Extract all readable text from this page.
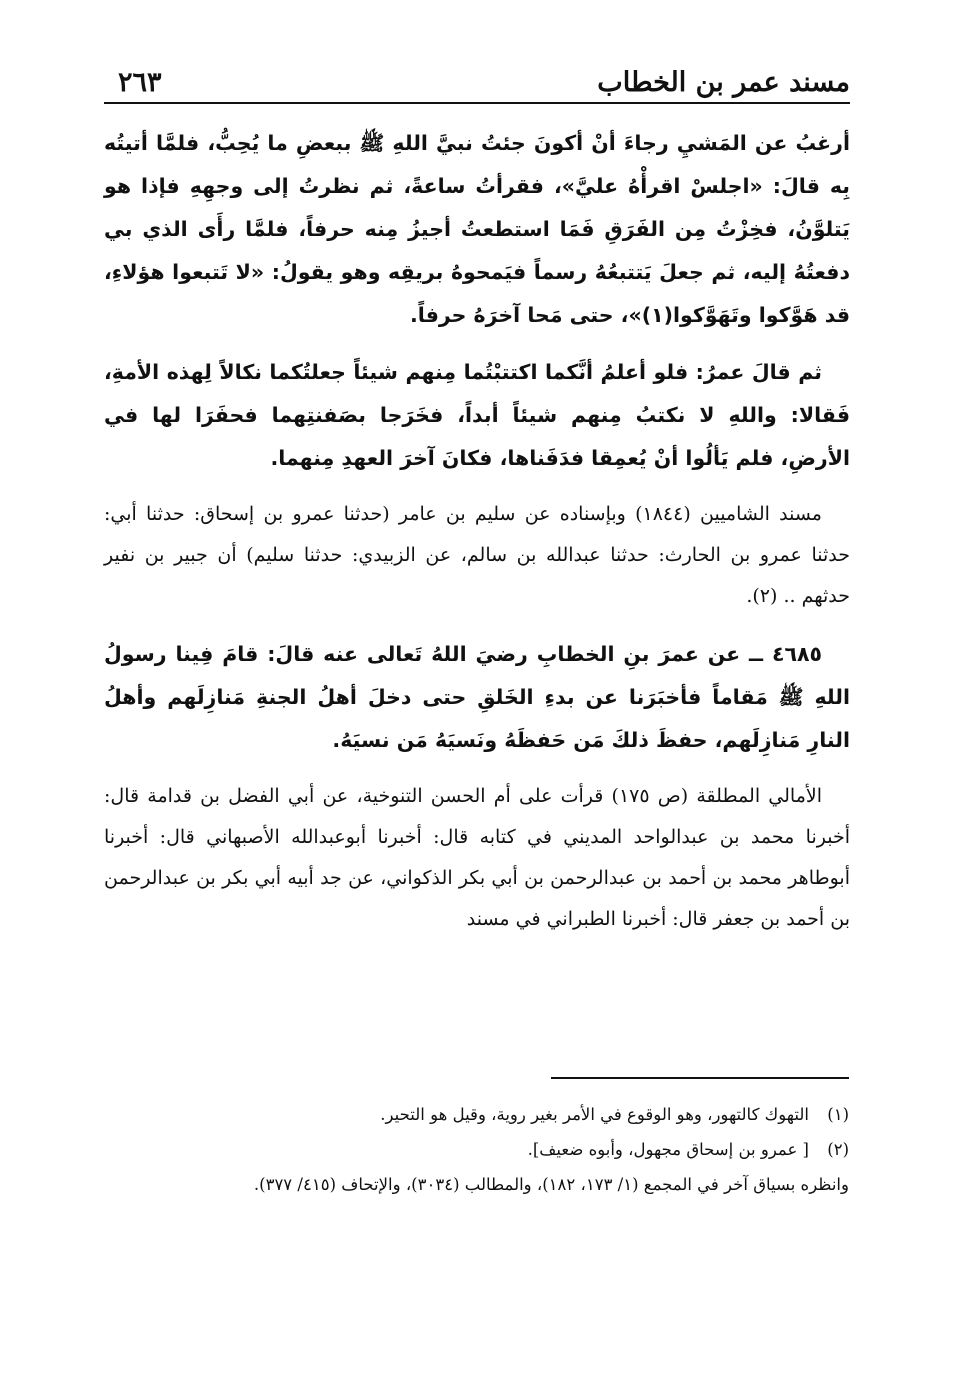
مسند عمر بن الخطاب
٢٦٣

أرغبُ عن المَشيِ رجاءَ أنْ أكونَ جئتُ نبيَّ اللهِ ﷺ ببعضِ ما يُحِبُّ، فلمَّا أتيتُه بِه قالَ: «اجلسْ اقرأْهُ عليَّ»، فقرأتُ ساعةً، ثم نظرتُ إلى وجهِهِ فإذا هو يَتلوَّنُ، فخِزْتُ مِن الفَرَقِ فَمَا استطعتُ أجيزُ مِنه حرفاً، فلمَّا رأَى الذي بي دفعتُهُ إليه، ثم جعلَ يَتتبعُهُ رسماً فيَمحوهُ بريقِه وهو يقولُ: «لا تَتبعوا هؤلاءِ، قد هَوَّكوا وتَهَوَّكوا(١)»، حتى مَحا آخرَهُ حرفاً.

ثم قالَ عمرُ: فلو أعلمُ أنَّكما اكتتبْتُما مِنهم شيئاً جعلتُكما نكالاً لِهذه الأمةِ، فَقالا: واللهِ لا نكتبُ مِنهم شيئاً أبداً، فخَرَجا بصَفنتِهما فحفَرَا لها في الأرضِ، فلم يَألُوا أنْ يُعمِقا فدَفَناها، فكانَ آخرَ العهدِ مِنهما.

مسند الشاميين (١٨٤٤) وبإسناده عن سليم بن عامر (حدثنا عمرو بن إسحاق: حدثنا أبي: حدثنا عمرو بن الحارث: حدثنا عبدالله بن سالم، عن الزبيدي: حدثنا سليم) أن جبير بن نفير حدثهم .. (٢).

٤٦٨٥ ــ عن عمرَ بنِ الخطابِ رضيَ اللهُ تَعالى عنه قالَ: قامَ فِينا رسولُ اللهِ ﷺ مَقاماً فأخبَرَنا عن بدءِ الخَلقِ حتى دخلَ أهلُ الجنةِ مَنازِلَهم وأهلُ النارِ مَنازِلَهم، حفظَ ذلكَ مَن حَفظَهُ ونَسيَهُ مَن نسيَهُ.

الأمالي المطلقة (ص ١٧٥) قرأت على أم الحسن التنوخية، عن أبي الفضل بن قدامة قال: أخبرنا محمد بن عبدالواحد المديني في كتابه قال: أخبرنا أبوعبدالله الأصبهاني قال: أخبرنا أبوطاهر محمد بن أحمد بن عبدالرحمن بن أبي بكر الذكواني، عن جد أبيه أبي بكر بن عبدالرحمن بن أحمد بن جعفر قال: أخبرنا الطبراني في مسند

(١)التهوك كالتهور، وهو الوقوع في الأمر بغير روية، وقيل هو التحير.
(٢)[ عمرو بن إسحاق مجهول، وأبوه ضعيف].
وانظره بسياق آخر في المجمع (١/ ١٧٣، ١٨٢)، والمطالب (٣٠٣٤)، والإتحاف (٤١٥/ ٣٧٧).
